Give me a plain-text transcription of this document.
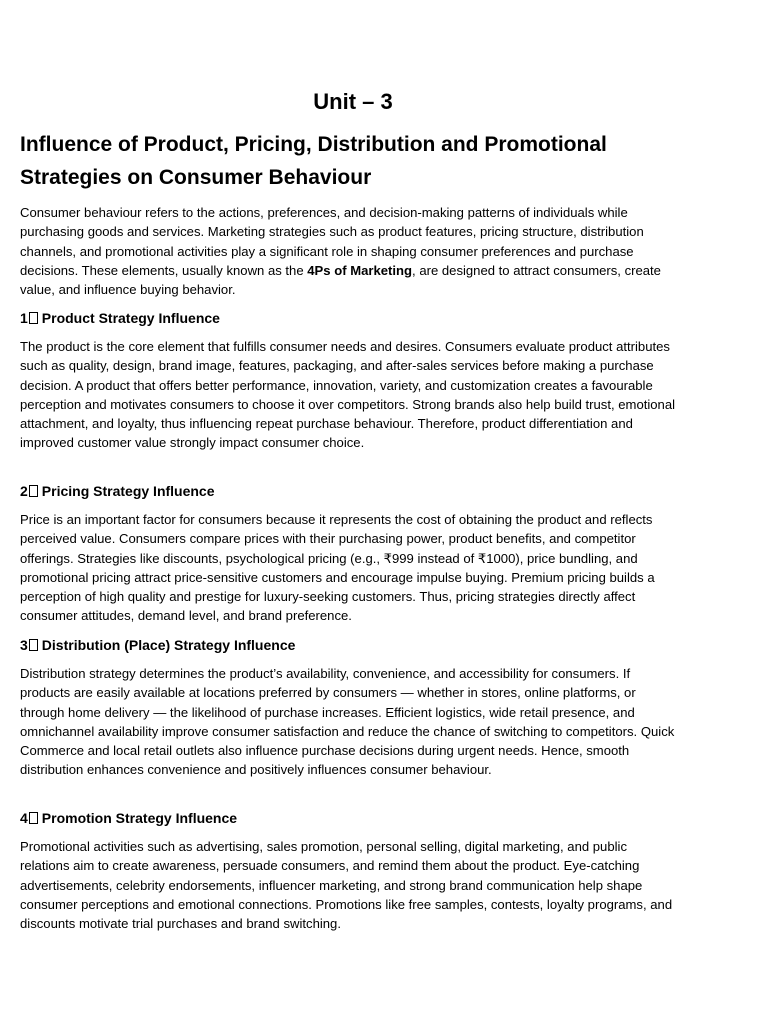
Unit – 3
Influence of Product, Pricing, Distribution and Promotional Strategies on Consumer Behaviour

Consumer behaviour refers to the actions, preferences, and decision-making patterns of individuals while purchasing goods and services. Marketing strategies such as product features, pricing structure, distribution channels, and promotional activities play a significant role in shaping consumer preferences and purchase decisions. These elements, usually known as the 4Ps of Marketing, are designed to attract consumers, create value, and influence buying behavior.

1 Product Strategy Influence

The product is the core element that fulfills consumer needs and desires. Consumers evaluate product attributes such as quality, design, brand image, features, packaging, and after-sales services before making a purchase decision. A product that offers better performance, innovation, variety, and customization creates a favourable perception and motivates consumers to choose it over competitors. Strong brands also help build trust, emotional attachment, and loyalty, thus influencing repeat purchase behaviour. Therefore, product differentiation and improved customer value strongly impact consumer choice.

2 Pricing Strategy Influence

Price is an important factor for consumers because it represents the cost of obtaining the product and reflects perceived value. Consumers compare prices with their purchasing power, product benefits, and competitor offerings. Strategies like discounts, psychological pricing (e.g., ₹999 instead of ₹1000), price bundling, and promotional pricing attract price-sensitive customers and encourage impulse buying. Premium pricing builds a perception of high quality and prestige for luxury-seeking customers. Thus, pricing strategies directly affect consumer attitudes, demand level, and brand preference.

3 Distribution (Place) Strategy Influence

Distribution strategy determines the product’s availability, convenience, and accessibility for consumers. If products are easily available at locations preferred by consumers — whether in stores, online platforms, or through home delivery — the likelihood of purchase increases. Efficient logistics, wide retail presence, and omnichannel availability improve consumer satisfaction and reduce the chance of switching to competitors. Quick Commerce and local retail outlets also influence purchase decisions during urgent needs. Hence, smooth distribution enhances convenience and positively influences consumer behaviour.

4 Promotion Strategy Influence

Promotional activities such as advertising, sales promotion, personal selling, digital marketing, and public relations aim to create awareness, persuade consumers, and remind them about the product. Eye-catching advertisements, celebrity endorsements, influencer marketing, and strong brand communication help shape consumer perceptions and emotional connections. Promotions like free samples, contests, loyalty programs, and discounts motivate trial purchases and brand switching.
